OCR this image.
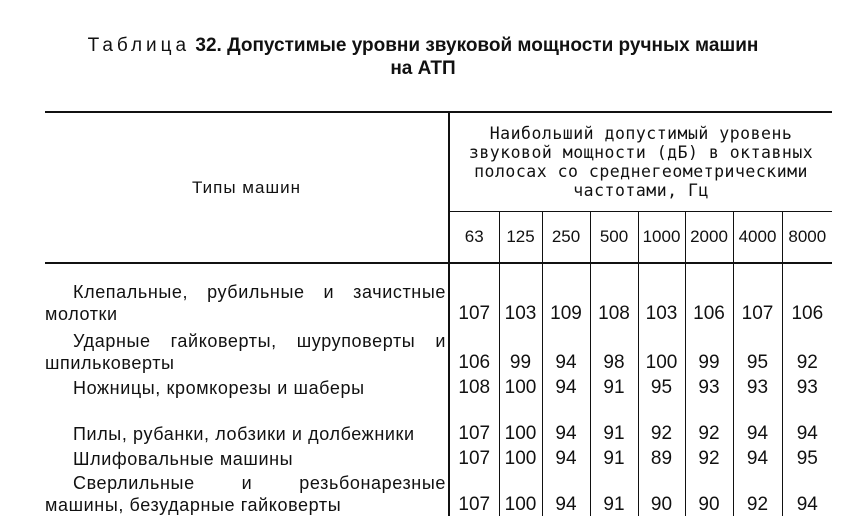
Таблица 32. Допустимые уровни звуковой мощности ручных машин
на АТП
Типы машин	Наибольший допустимый уровень звуковой мощности (дБ) в октавных полосах со среднегеометрическими частотами, Гц							
	63	125	250	500	1000	2000	4000	8000

Клепальные, рубильные и зачистные молотки	107	103	109	108	103	106	107	106

Ударные гайковерты, шуруповерты и шпильковерты	106	99	94	98	100	99	95	92

Ножницы, кромкорезы и шаберы	108	100	94	91	95	93	93	93

Пилы, рубанки, лобзики и долбежники	107	100	94	91	92	92	94	94

Шлифовальные машины	107	100	94	91	89	92	94	95

Сверлильные и резьбонарезные машины, безударные гайковерты	107	100	94	91	90	90	92	94
